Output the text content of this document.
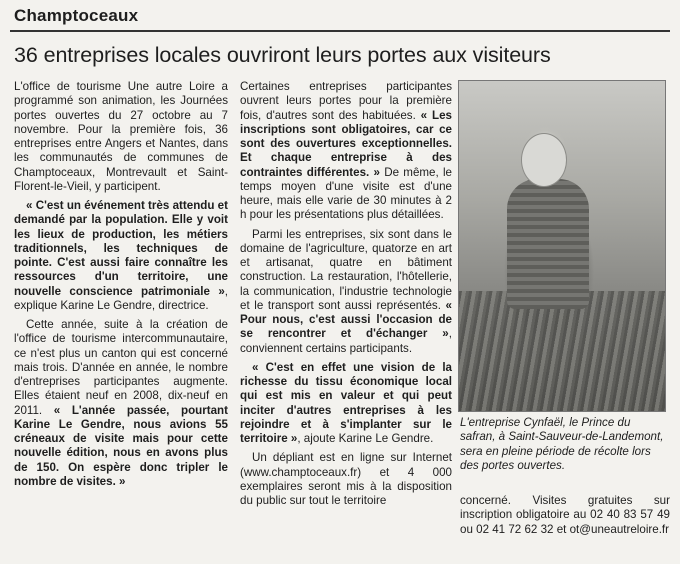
Champtoceaux
36 entreprises locales ouvriront leurs portes aux visiteurs

L'office de tourisme Une autre Loire a programmé son animation, les Journées portes ouvertes du 27 octobre au 7 novembre. Pour la première fois, 36 entreprises entre Angers et Nantes, dans les communautés de communes de Champtoceaux, Montrevault et Saint-Florent-le-Vieil, y participent.

« C'est un événement très attendu et demandé par la population. Elle y voit les lieux de production, les métiers traditionnels, les techniques de pointe. C'est aussi faire connaître les ressources d'un territoire, une nouvelle conscience patrimoniale », explique Karine Le Gendre, directrice.

Cette année, suite à la création de l'office de tourisme intercommunautaire, ce n'est plus un canton qui est concerné mais trois. D'année en année, le nombre d'entreprises participantes augmente. Elles étaient neuf en 2008, dix-neuf en 2011. « L'année passée, pourtant Karine Le Gendre, nous avions 55 créneaux de visite mais pour cette nouvelle édition, nous en avons plus de 150. On espère donc tripler le nombre de visites. »

Certaines entreprises participantes ouvrent leurs portes pour la première fois, d'autres sont des habituées. « Les inscriptions sont obligatoires, car ce sont des ouvertures exceptionnelles. Et chaque entreprise à des contraintes différentes. » De même, le temps moyen d'une visite est d'une heure, mais elle varie de 30 minutes à 2 h pour les présentations plus détaillées.

Parmi les entreprises, six sont dans le domaine de l'agriculture, quatorze en art et artisanat, quatre en bâtiment construction. La restauration, l'hôtellerie, la communication, l'industrie technologie et le transport sont aussi représentés. « Pour nous, c'est aussi l'occasion de se rencontrer et d'échanger », conviennent certains participants.

« C'est en effet une vision de la richesse du tissu économique local qui est mis en valeur et qui peut inciter d'autres entreprises à les rejoindre et à s'implanter sur le territoire », ajoute Karine Le Gendre.

Un dépliant est en ligne sur Internet (www.champtoceaux.fr) et 4 000 exemplaires seront mis à la disposition du public sur tout le territoire

L'entreprise Cynfaël, le Prince du safran, à Saint-Sauveur-de-Landemont, sera en pleine période de récolte lors des portes ouvertes.
concerné. Visites gratuites sur inscription obligatoire au 02 40 83 57 49 ou 02 41 72 62 32 et ot@uneautreloire.fr
